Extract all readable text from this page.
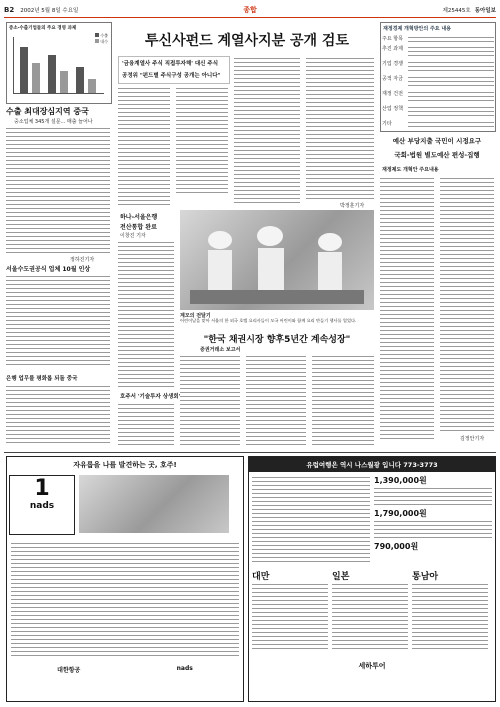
B2 2002년 5월 8일 수요일	종합	제25445호 동아일보
증소·수출기업들의 주요 경영 과제
수출
내수
수출 최대장심지역 중국
중소업체 345개 설문... 매출 늘어나
정하진기자
서울수도권공식 업체 10월 인상
은행 업무를 평화롭 되돌 중국
투신사펀드 계열사지분 공개 검토
'금융계열사 주식 직접투자해' 대신 주식
공정위 "펀드별 주식구성 공개는 아니다"
박정훈기자
하나-서울은행
전산통합 완료
이창진 기자
호주서 '기술투자 상생회'
계모의 전달기
어린이날을 맞아 서울의 한 외국 호텔 요리사들이 모국 어린이와 함께 요리 만들기 행사를 열었다.
"한국 채권시장 향후5년간 계속성장"
증권거래소 보고서
재정경제 개혁방안의 주요 내용
주요 항목
추진 과제
기업 경쟁
공적 자금
재정 건전
산업 정책
기타
예산 부당지출 국민이 시정요구
국회-법원 별도예산 편성-집행
재정제도 개혁안 주요내용
김정안기자
자유롭을 나를 발견하는 곳, 호주!
1
nads
대한항공	nads
유럽여행은 역시 나스월광 입니다 773-3773
1,390,000원
1,790,000원
790,000원
대만	일본	통남아
세하투어
